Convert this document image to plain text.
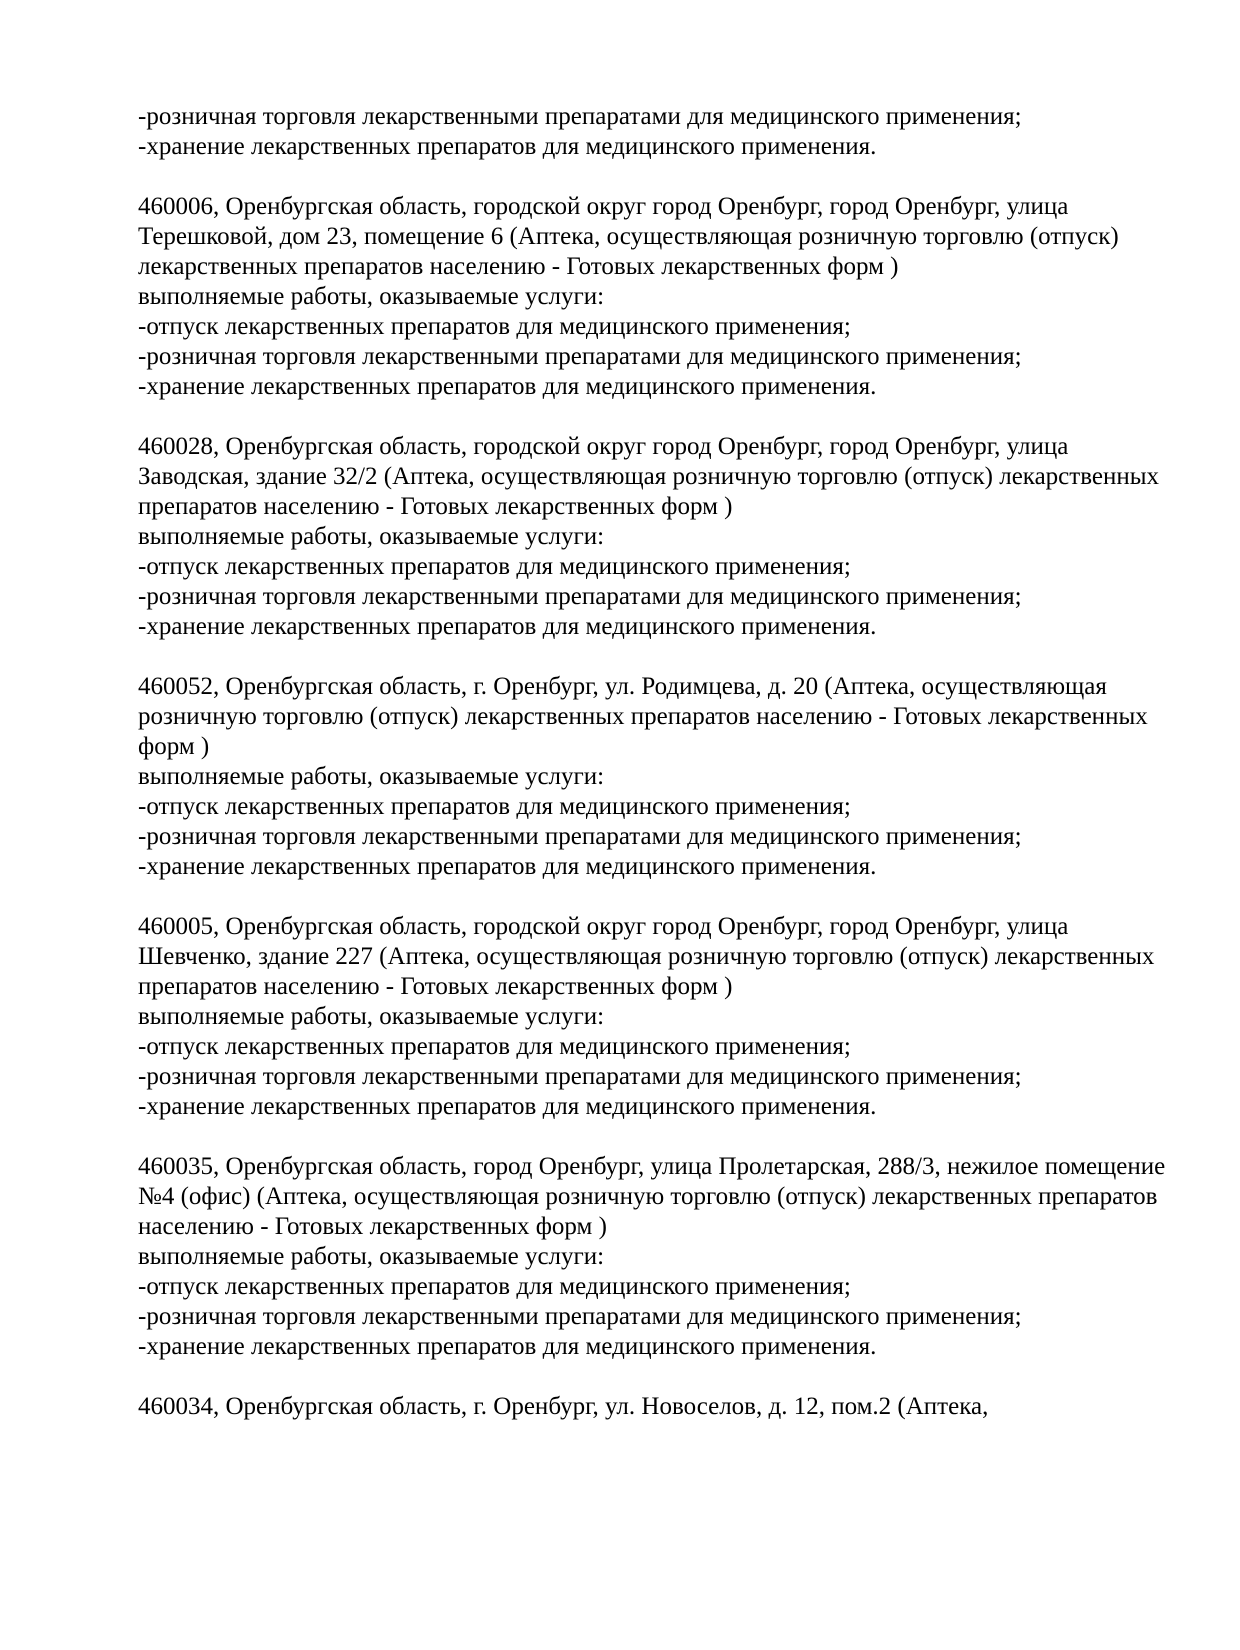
-розничная торговля лекарственными препаратами для медицинского применения;
-хранение лекарственных препаратов для медицинского применения.
460006, Оренбургская область, городской округ город Оренбург, город Оренбург, улица
Терешковой, дом 23, помещение 6 (Аптека, осуществляющая розничную торговлю (отпуск)
лекарственных препаратов населению - Готовых лекарственных форм )
выполняемые работы, оказываемые услуги:
-отпуск лекарственных препаратов для медицинского применения;
-розничная торговля лекарственными препаратами для медицинского применения;
-хранение лекарственных препаратов для медицинского применения.
460028, Оренбургская область, городской округ город Оренбург, город Оренбург, улица
Заводская, здание 32/2 (Аптека, осуществляющая розничную торговлю (отпуск) лекарственных
препаратов населению - Готовых лекарственных форм )
выполняемые работы, оказываемые услуги:
-отпуск лекарственных препаратов для медицинского применения;
-розничная торговля лекарственными препаратами для медицинского применения;
-хранение лекарственных препаратов для медицинского применения.
460052, Оренбургская область, г. Оренбург, ул. Родимцева, д. 20 (Аптека, осуществляющая
розничную торговлю (отпуск) лекарственных препаратов населению - Готовых лекарственных
форм )
выполняемые работы, оказываемые услуги:
-отпуск лекарственных препаратов для медицинского применения;
-розничная торговля лекарственными препаратами для медицинского применения;
-хранение лекарственных препаратов для медицинского применения.
460005, Оренбургская область, городской округ город Оренбург, город Оренбург, улица
Шевченко, здание 227 (Аптека, осуществляющая розничную торговлю (отпуск) лекарственных
препаратов населению - Готовых лекарственных форм )
выполняемые работы, оказываемые услуги:
-отпуск лекарственных препаратов для медицинского применения;
-розничная торговля лекарственными препаратами для медицинского применения;
-хранение лекарственных препаратов для медицинского применения.
460035, Оренбургская область, город Оренбург, улица Пролетарская, 288/3, нежилое помещение
№4 (офис) (Аптека, осуществляющая розничную торговлю (отпуск) лекарственных препаратов
населению - Готовых лекарственных форм )
выполняемые работы, оказываемые услуги:
-отпуск лекарственных препаратов для медицинского применения;
-розничная торговля лекарственными препаратами для медицинского применения;
-хранение лекарственных препаратов для медицинского применения.
460034, Оренбургская область, г. Оренбург, ул. Новоселов, д. 12, пом.2 (Аптека,
